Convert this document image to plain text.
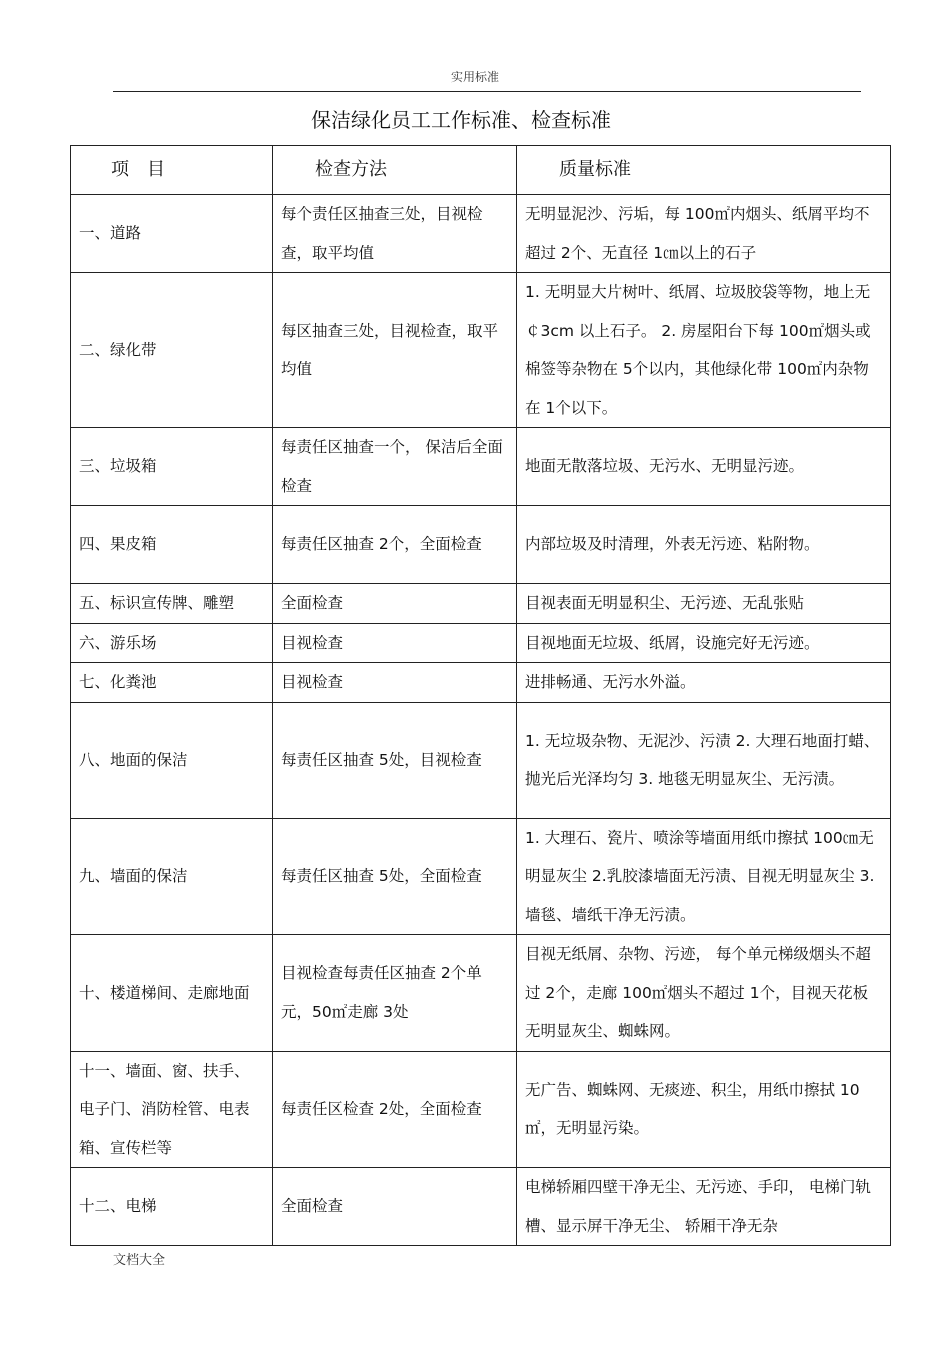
实用标准
保洁绿化员工工作标准、检查标准
项　目	检查方法	质量标准
一、道路	每个责任区抽查三处，目视检查，取平均值	无明显泥沙、污垢，每 100㎡内烟头、纸屑平均不超过 2个、无直径 1㎝以上的石子
二、绿化带	每区抽查三处，目视检查，取平均值	1. 无明显大片树叶、纸屑、垃圾胶袋等物，地上无 ￠3cm 以上石子。 2. 房屋阳台下每 100㎡烟头或棉签等杂物在 5个以内，其他绿化带 100㎡内杂物在 1个以下。
三、垃圾箱	每责任区抽查一个， 保洁后全面检查	地面无散落垃圾、无污水、无明显污迹。
四、果皮箱	每责任区抽查 2个，全面检查	内部垃圾及时清理，外表无污迹、粘附物。
五、标识宣传牌、雕塑	全面检查	目视表面无明显积尘、无污迹、无乱张贴
六、游乐场	目视检查	目视地面无垃圾、纸屑，设施完好无污迹。
七、化粪池	目视检查	进排畅通、无污水外溢。
八、地面的保洁	每责任区抽查 5处，目视检查	1. 无垃圾杂物、无泥沙、污渍 2. 大理石地面打蜡、抛光后光泽均匀 3. 地毯无明显灰尘、无污渍。
九、墙面的保洁	每责任区抽查 5处，全面检查	1. 大理石、瓷片、喷涂等墙面用纸巾擦拭 100㎝无明显灰尘 2.乳胶漆墙面无污渍、目视无明显灰尘 3. 墙毯、墙纸干净无污渍。
十、楼道梯间、走廊地面	目视检查每责任区抽查 2个单元，50㎡走廊 3处	目视无纸屑、杂物、污迹， 每个单元梯级烟头不超过 2个，走廊 100㎡烟头不超过 1个，目视天花板无明显灰尘、蜘蛛网。
十一、墙面、窗、扶手、电子门、消防栓管、电表箱、宣传栏等	每责任区检查 2处，全面检查	无广告、蜘蛛网、无痰迹、积尘，用纸巾擦拭 10㎡，无明显污染。
十二、电梯	全面检查	电梯轿厢四壁干净无尘、无污迹、手印， 电梯门轨槽、显示屏干净无尘、 轿厢干净无杂
文档大全
